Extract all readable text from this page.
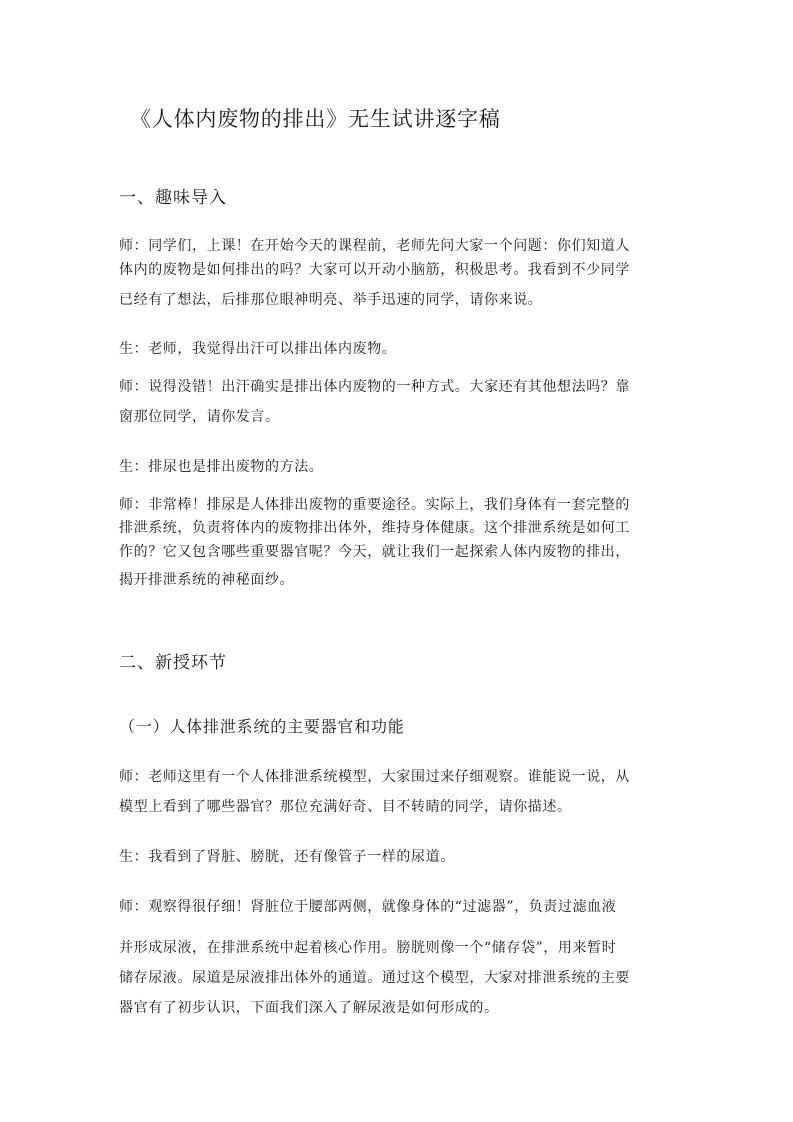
《人体内废物的排出》无生试讲逐字稿
一、趣味导入
师：同学们，上课！在开始今天的课程前，老师先问大家一个问题：你们知道人
体内的废物是如何排出的吗？大家可以开动小脑筋，积极思考。我看到不少同学
已经有了想法，后排那位眼神明亮、举手迅速的同学，请你来说。
生：老师，我觉得出汗可以排出体内废物。
师：说得没错！出汗确实是排出体内废物的一种方式。大家还有其他想法吗？靠
窗那位同学，请你发言。
生：排尿也是排出废物的方法。
师：非常棒！排尿是人体排出废物的重要途径。实际上，我们身体有一套完整的
排泄系统，负责将体内的废物排出体外，维持身体健康。这个排泄系统是如何工
作的？它又包含哪些重要器官呢？今天，就让我们一起探索人体内废物的排出，
揭开排泄系统的神秘面纱。
二、新授环节
（一）人体排泄系统的主要器官和功能
师：老师这里有一个人体排泄系统模型，大家围过来仔细观察。谁能说一说，从
模型上看到了哪些器官？那位充满好奇、目不转睛的同学，请你描述。
生：我看到了肾脏、膀胱，还有像管子一样的尿道。
师：观察得很仔细！肾脏位于腰部两侧，就像身体的“过滤器”，负责过滤血液
并形成尿液，在排泄系统中起着核心作用。膀胱则像一个“储存袋”，用来暂时
储存尿液。尿道是尿液排出体外的通道。通过这个模型，大家对排泄系统的主要
器官有了初步认识，下面我们深入了解尿液是如何形成的。
